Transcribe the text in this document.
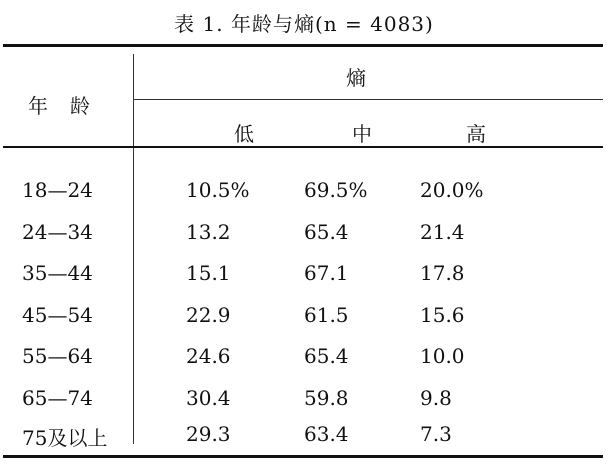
表 1. 年龄与熵(n = 4083)
年龄
熵
低	中	高
18—24	10.5%	69.5%	20.0%
24—34	13.2	65.4	21.4
35—44	15.1	67.1	17.8
45—54	22.9	61.5	15.6
55—64	24.6	65.4	10.0
65—74	30.4	59.8	9.8
75及以上	29.3	63.4	7.3
